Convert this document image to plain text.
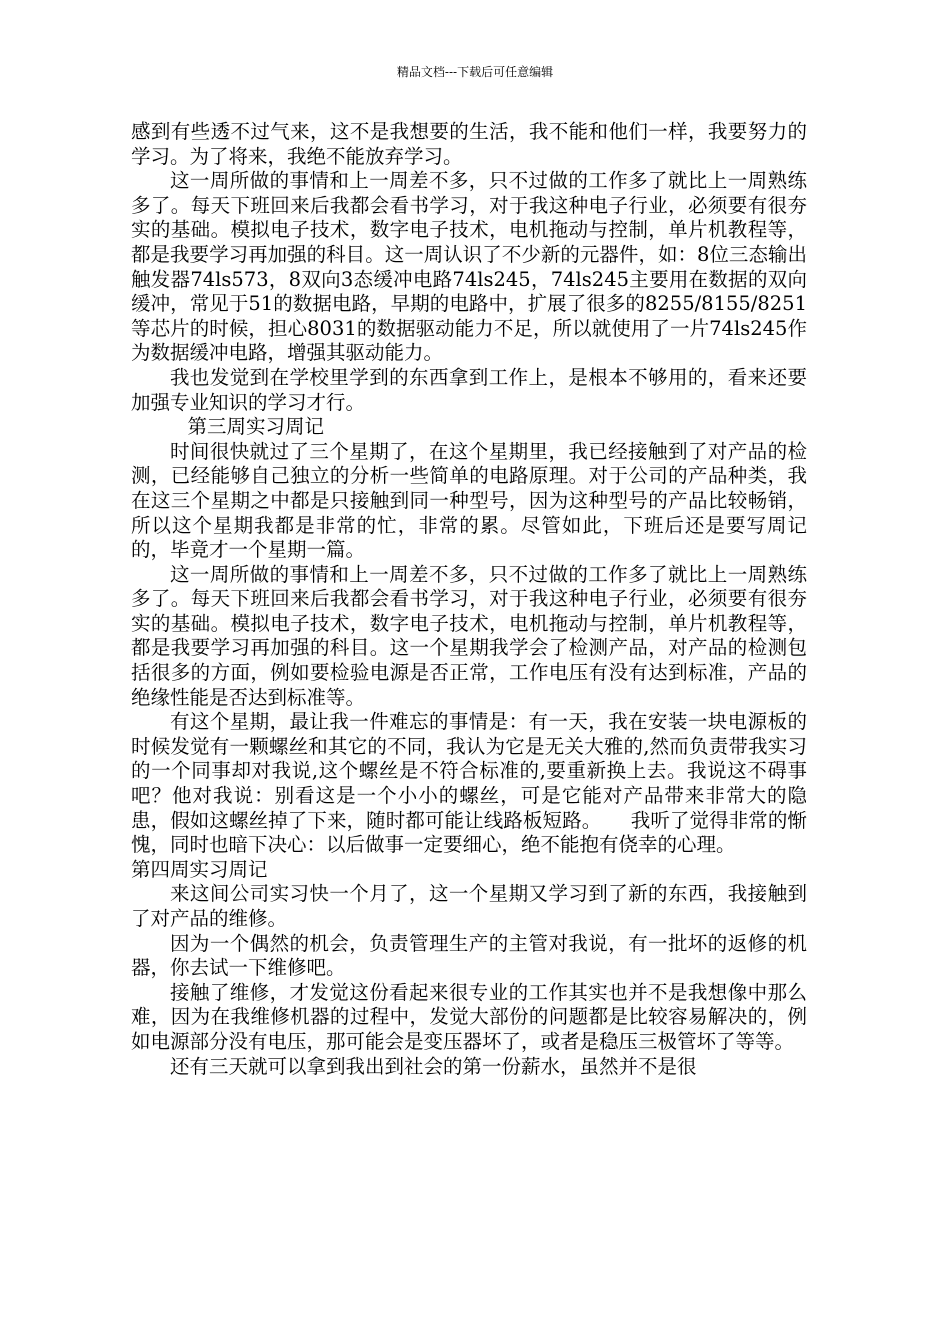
精品文档---下载后可任意编辑

感到有些透不过气来，这不是我想要的生活，我不能和他们一样，我要努力的学习。为了将来，我绝不能放弃学习。

这一周所做的事情和上一周差不多，只不过做的工作多了就比上一周熟练多了。每天下班回来后我都会看书学习，对于我这种电子行业，必须要有很夯实的基础。模拟电子技术，数字电子技术，电机拖动与控制，单片机教程等，都是我要学习再加强的科目。这一周认识了不少新的元器件，如：8位三态输出触发器74ls573，8双向3态缓冲电路74ls245，74ls245主要用在数据的双向缓冲，常见于51的数据电路，早期的电路中，扩展了很多的8255/8155/8251等芯片的时候，担心8031的数据驱动能力不足，所以就使用了一片74ls245作为数据缓冲电路，增强其驱动能力。

我也发觉到在学校里学到的东西拿到工作上，是根本不够用的，看来还要加强专业知识的学习才行。

第三周实习周记

时间很快就过了三个星期了，在这个星期里，我已经接触到了对产品的检测，已经能够自己独立的分析一些简单的电路原理。对于公司的产品种类，我在这三个星期之中都是只接触到同一种型号，因为这种型号的产品比较畅销，所以这个星期我都是非常的忙，非常的累。尽管如此，下班后还是要写周记的，毕竟才一个星期一篇。

这一周所做的事情和上一周差不多，只不过做的工作多了就比上一周熟练多了。每天下班回来后我都会看书学习，对于我这种电子行业，必须要有很夯实的基础。模拟电子技术，数字电子技术，电机拖动与控制，单片机教程等，都是我要学习再加强的科目。这一个星期我学会了检测产品，对产品的检测包括很多的方面，例如要检验电源是否正常，工作电压有没有达到标准，产品的绝缘性能是否达到标准等。

有这个星期，最让我一件难忘的事情是：有一天，我在安装一块电源板的时候发觉有一颗螺丝和其它的不同，我认为它是无关大雅的,然而负责带我实习的一个同事却对我说,这个螺丝是不符合标准的,要重新换上去。我说这不碍事吧？他对我说：别看这是一个小小的螺丝，可是它能对产品带来非常大的隐患，假如这螺丝掉了下来，随时都可能让线路板短路。　　我听了觉得非常的惭愧，同时也暗下决心：以后做事一定要细心，绝不能抱有侥幸的心理。

第四周实习周记

来这间公司实习快一个月了，这一个星期又学习到了新的东西，我接触到了对产品的维修。

因为一个偶然的机会，负责管理生产的主管对我说，有一批坏的返修的机器，你去试一下维修吧。

接触了维修，才发觉这份看起来很专业的工作其实也并不是我想像中那么难，因为在我维修机器的过程中，发觉大部份的问题都是比较容易解决的，例如电源部分没有电压，那可能会是变压器坏了，或者是稳压三极管坏了等等。

还有三天就可以拿到我出到社会的第一份薪水，虽然并不是很
